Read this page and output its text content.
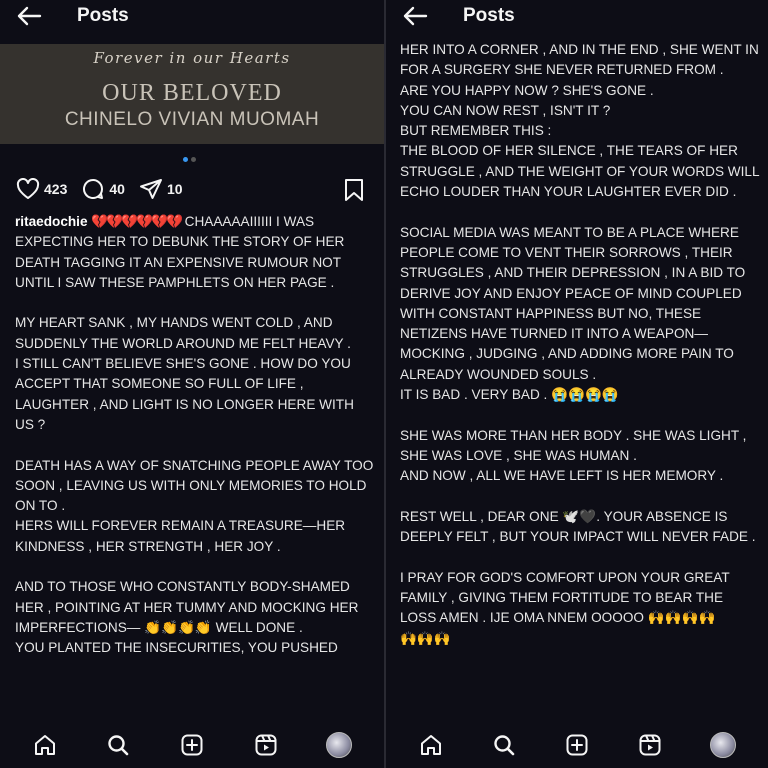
Posts
Forever in our Hearts
OUR BELOVED
CHINELO VIVIAN MUOMAH
423	40	10

ritaedochie 💔💔💔💔💔💔 CHAAAAAIIIIII I WAS EXPECTING HER TO DEBUNK THE STORY OF HER DEATH TAGGING IT AN EXPENSIVE RUMOUR NOT

UNTIL I SAW THESE PAMPHLETS ON HER PAGE .

MY HEART SANK , MY HANDS WENT COLD , AND SUDDENLY THE WORLD AROUND ME FELT HEAVY .

I STILL CAN'T BELIEVE SHE'S GONE . HOW DO YOU ACCEPT THAT SOMEONE SO FULL OF LIFE , LAUGHTER , AND LIGHT IS NO LONGER HERE WITH US ?

DEATH HAS A WAY OF SNATCHING PEOPLE AWAY TOO SOON , LEAVING US WITH ONLY MEMORIES TO HOLD ON TO .

HERS WILL FOREVER REMAIN A TREASURE—HER KINDNESS , HER STRENGTH , HER JOY .

AND TO THOSE WHO CONSTANTLY BODY-SHAMED HER , POINTING AT HER TUMMY AND MOCKING HER IMPERFECTIONS— 👏👏👏👏 WELL DONE .

YOU PLANTED THE INSECURITIES, YOU PUSHED

Posts

HER INTO A CORNER , AND IN THE END , SHE WENT IN FOR A SURGERY SHE NEVER RETURNED FROM .

ARE YOU HAPPY NOW ? SHE'S GONE .

YOU CAN NOW REST , ISN'T IT ?

BUT REMEMBER THIS :

THE BLOOD OF HER SILENCE , THE TEARS OF HER STRUGGLE , AND THE WEIGHT OF YOUR WORDS WILL ECHO LOUDER THAN YOUR LAUGHTER EVER DID .

SOCIAL MEDIA WAS MEANT TO BE A PLACE WHERE PEOPLE COME TO VENT THEIR SORROWS , THEIR STRUGGLES , AND THEIR DEPRESSION , IN A BID TO DERIVE JOY AND ENJOY PEACE OF MIND COUPLED WITH CONSTANT HAPPINESS BUT NO, THESE NETIZENS HAVE TURNED IT INTO A WEAPON—MOCKING , JUDGING , AND ADDING MORE PAIN TO ALREADY WOUNDED SOULS .

IT IS BAD . VERY BAD . 😭😭😭😭

SHE WAS MORE THAN HER BODY . SHE WAS LIGHT , SHE WAS LOVE , SHE WAS HUMAN .

AND NOW , ALL WE HAVE LEFT IS HER MEMORY .

REST WELL , DEAR ONE 🕊️🖤. YOUR ABSENCE IS DEEPLY FELT , BUT YOUR IMPACT WILL NEVER FADE .

I PRAY FOR GOD'S COMFORT UPON YOUR GREAT FAMILY , GIVING THEM FORTITUDE TO BEAR THE LOSS AMEN . IJE OMA NNEM OOOOO 🙌🙌🙌🙌

🙌🙌🙌
